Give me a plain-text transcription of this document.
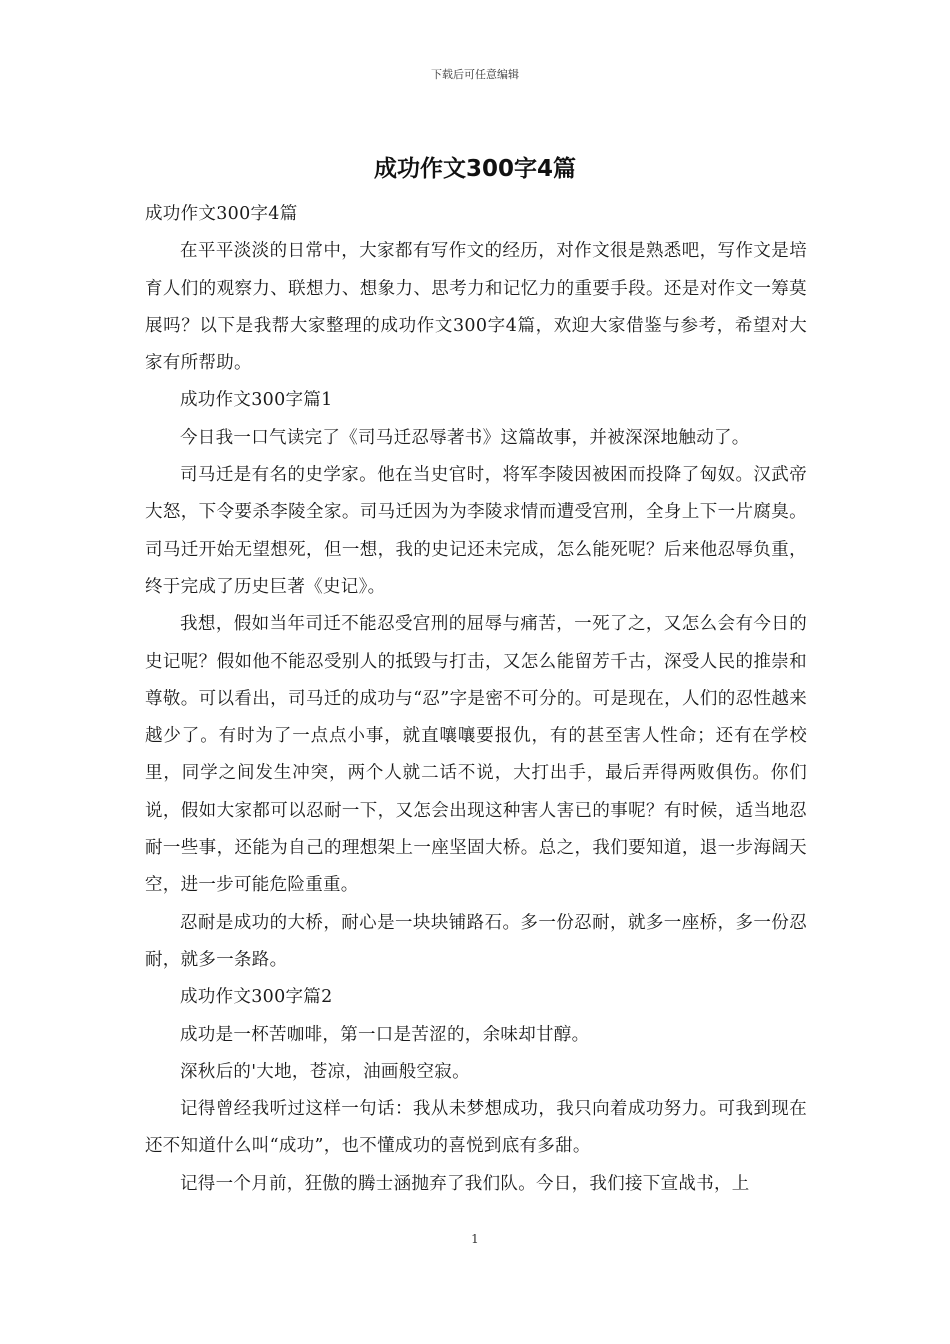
下载后可任意编辑
成功作文300字4篇

成功作文300字4篇

在平平淡淡的日常中，大家都有写作文的经历，对作文很是熟悉吧，写作文是培育人们的观察力、联想力、想象力、思考力和记忆力的重要手段。还是对作文一筹莫展吗？以下是我帮大家整理的成功作文300字4篇，欢迎大家借鉴与参考，希望对大家有所帮助。

成功作文300字篇1

今日我一口气读完了《司马迁忍辱著书》这篇故事，并被深深地触动了。

司马迁是有名的史学家。他在当史官时，将军李陵因被困而投降了匈奴。汉武帝大怒，下令要杀李陵全家。司马迁因为为李陵求情而遭受宫刑，全身上下一片腐臭。司马迁开始无望想死，但一想，我的史记还未完成，怎么能死呢？后来他忍辱负重，终于完成了历史巨著《史记》。

我想，假如当年司迁不能忍受宫刑的屈辱与痛苦，一死了之，又怎么会有今日的史记呢？假如他不能忍受别人的抵毁与打击，又怎么能留芳千古，深受人民的推崇和尊敬。可以看出，司马迁的成功与“忍”字是密不可分的。可是现在，人们的忍性越来越少了。有时为了一点点小事，就直嚷嚷要报仇，有的甚至害人性命；还有在学校里，同学之间发生冲突，两个人就二话不说，大打出手，最后弄得两败俱伤。你们说，假如大家都可以忍耐一下，又怎会出现这种害人害已的事呢？有时候，适当地忍耐一些事，还能为自己的理想架上一座坚固大桥。总之，我们要知道，退一步海阔天空，进一步可能危险重重。

忍耐是成功的大桥，耐心是一块块铺路石。多一份忍耐，就多一座桥，多一份忍耐，就多一条路。

成功作文300字篇2

成功是一杯苦咖啡，第一口是苦涩的，余味却甘醇。

深秋后的'大地，苍凉，油画般空寂。

记得曾经我听过这样一句话：我从未梦想成功，我只向着成功努力。可我到现在还不知道什么叫“成功”，也不懂成功的喜悦到底有多甜。

记得一个月前，狂傲的腾士涵抛弃了我们队。今日，我们接下宣战书，上

1
